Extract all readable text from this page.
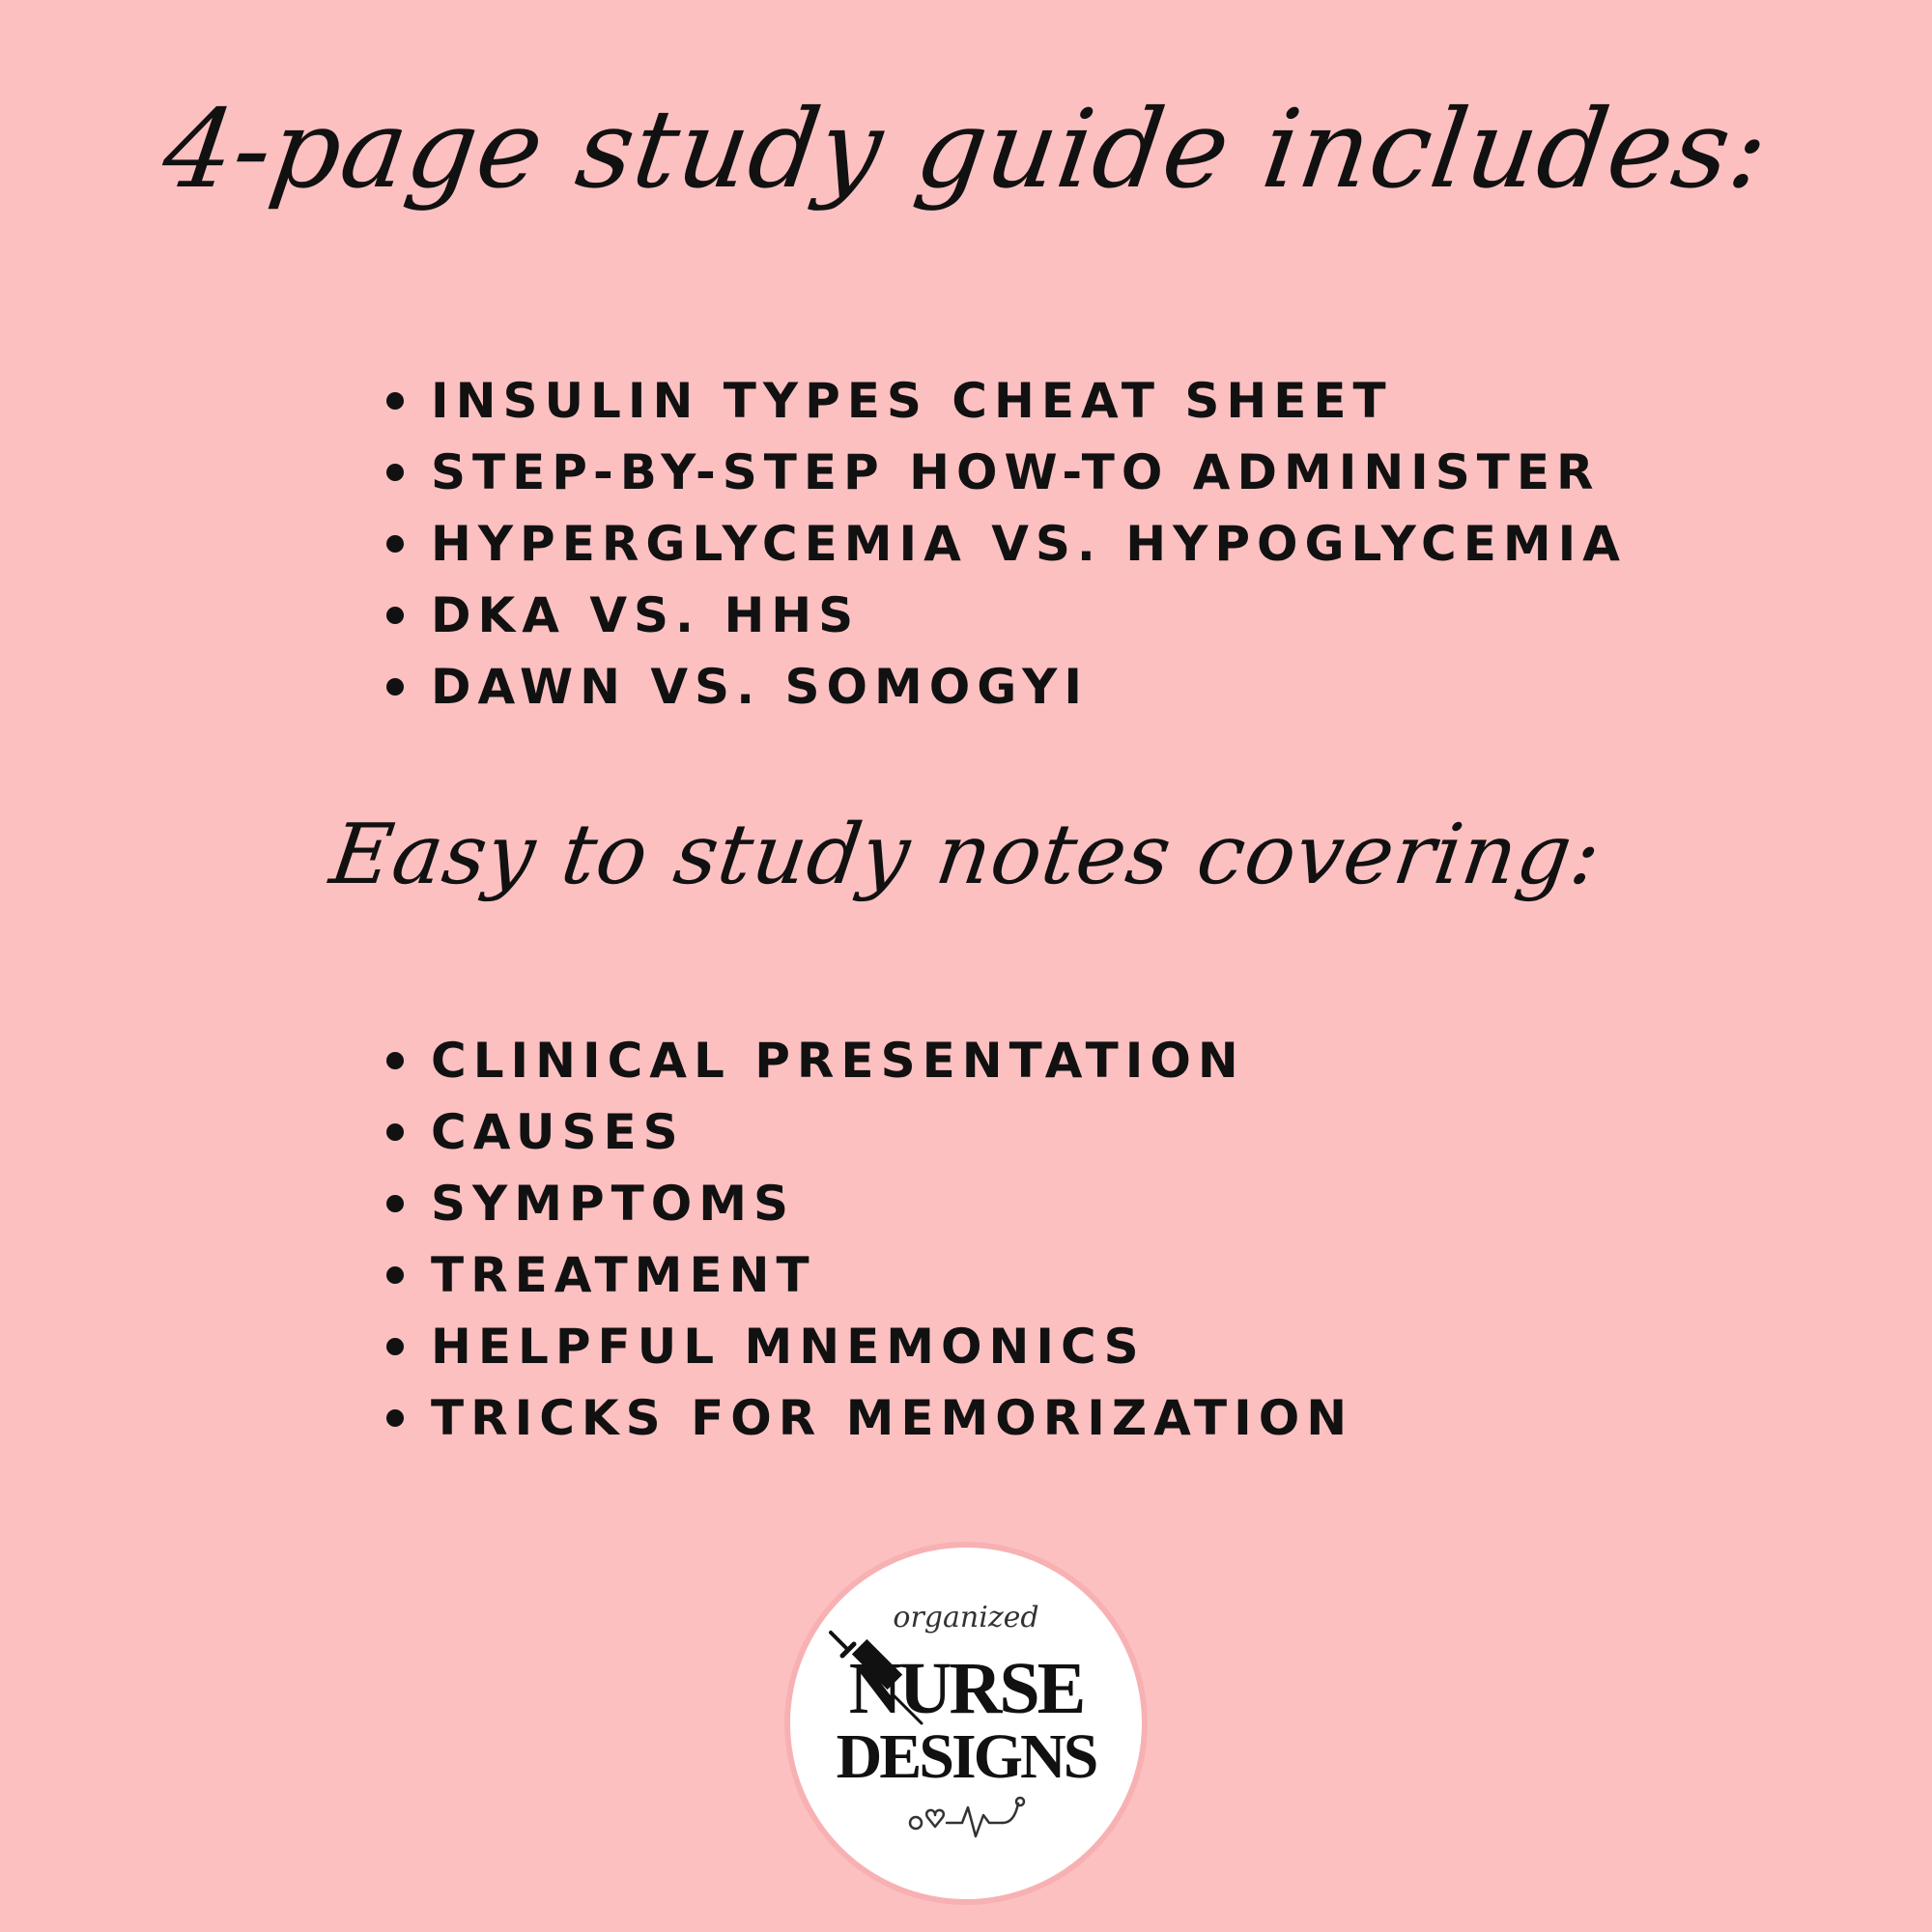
4-page study guide includes:
INSULIN TYPES CHEAT SHEET
STEP-BY-STEP HOW-TO ADMINISTER
HYPERGLYCEMIA VS. HYPOGLYCEMIA
DKA VS. HHS
DAWN VS. SOMOGYI
Easy to study notes covering:
CLINICAL PRESENTATION
CAUSES
SYMPTOMS
TREATMENT
HELPFUL MNEMONICS
TRICKS FOR MEMORIZATION
organized
NURSE
DESIGNS
